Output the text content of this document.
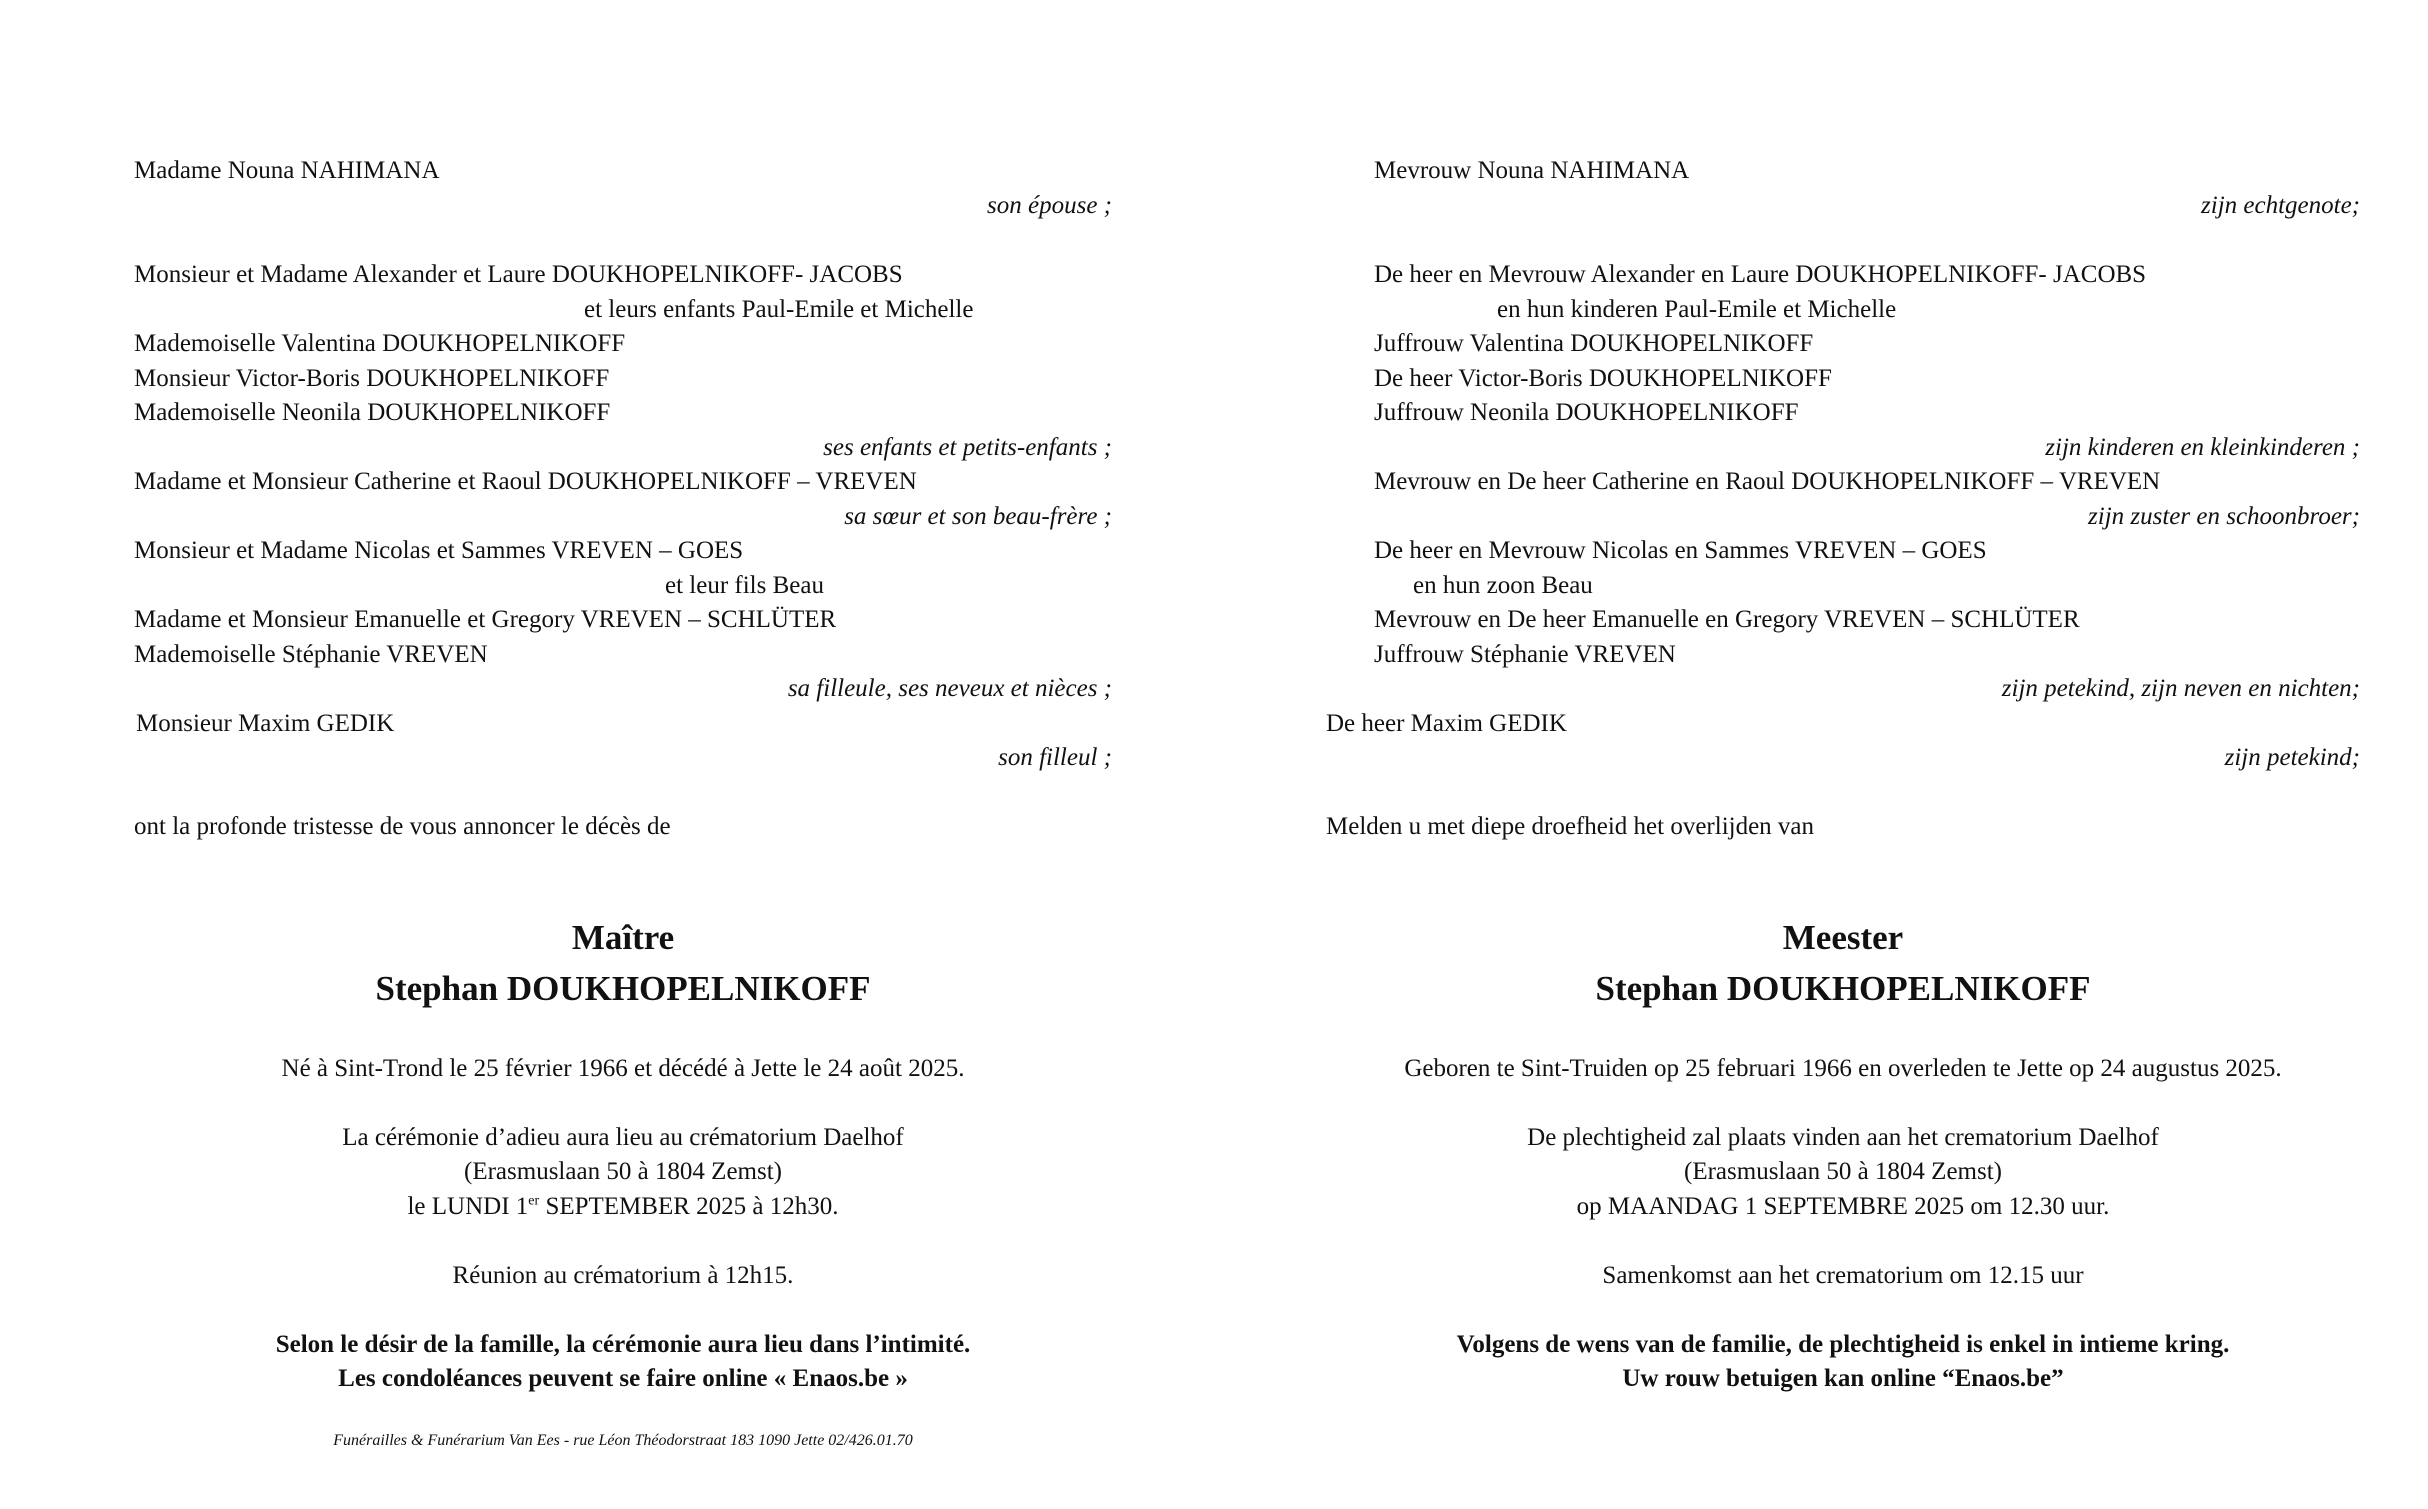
Madame Nouna NAHIMANA
son épouse ;
Monsieur et Madame Alexander et Laure DOUKHOPELNIKOFF- JACOBS
et leurs enfants Paul-Emile et Michelle
Mademoiselle Valentina DOUKHOPELNIKOFF
Monsieur Victor-Boris DOUKHOPELNIKOFF
Mademoiselle Neonila DOUKHOPELNIKOFF
ses enfants et petits-enfants ;
Madame et Monsieur Catherine et Raoul DOUKHOPELNIKOFF – VREVEN
sa sœur et son beau-frère ;
Monsieur et Madame Nicolas et Sammes VREVEN – GOES
et leur fils Beau
Madame et Monsieur Emanuelle et Gregory VREVEN – SCHLÜTER
Mademoiselle Stéphanie VREVEN
sa filleule, ses neveux et nièces ;
Monsieur Maxim GEDIK
son filleul ;
ont la profonde tristesse de vous annoncer le décès de
Maître
Stephan DOUKHOPELNIKOFF
Né à Sint-Trond le 25 février 1966 et décédé à Jette le 24 août 2025.
La cérémonie d’adieu aura lieu au crématorium Daelhof
(Erasmuslaan 50 à 1804 Zemst)
le LUNDI 1er SEPTEMBER 2025 à 12h30.
Réunion au crématorium à 12h15.
Selon le désir de la famille, la cérémonie aura lieu dans l’intimité.
Les condoléances peuvent se faire online « Enaos.be »
Funérailles & Funérarium Van Ees - rue Léon Théodorstraat 183 1090 Jette 02/426.01.70
Mevrouw Nouna NAHIMANA
zijn echtgenote;
De heer en Mevrouw Alexander en Laure DOUKHOPELNIKOFF- JACOBS
en hun kinderen Paul-Emile et Michelle
Juffrouw Valentina DOUKHOPELNIKOFF
De heer Victor-Boris DOUKHOPELNIKOFF
Juffrouw Neonila DOUKHOPELNIKOFF
zijn kinderen en kleinkinderen ;
Mevrouw en De heer Catherine en Raoul DOUKHOPELNIKOFF – VREVEN
zijn zuster en schoonbroer;
De heer en Mevrouw Nicolas en Sammes VREVEN – GOES
en hun zoon Beau
Mevrouw en De heer Emanuelle en Gregory VREVEN – SCHLÜTER
Juffrouw Stéphanie VREVEN
zijn petekind, zijn neven en nichten;
De heer Maxim GEDIK
zijn petekind;
Melden u met diepe droefheid het overlijden van
Meester
Stephan DOUKHOPELNIKOFF
Geboren te Sint-Truiden op 25 februari 1966 en overleden te Jette op 24 augustus 2025.
De plechtigheid zal plaats vinden aan het crematorium Daelhof
(Erasmuslaan 50 à 1804 Zemst)
op MAANDAG 1 SEPTEMBRE 2025 om 12.30 uur.
Samenkomst aan het crematorium om 12.15 uur
Volgens de wens van de familie, de plechtigheid is enkel in intieme kring.
Uw rouw betuigen kan online “Enaos.be”
